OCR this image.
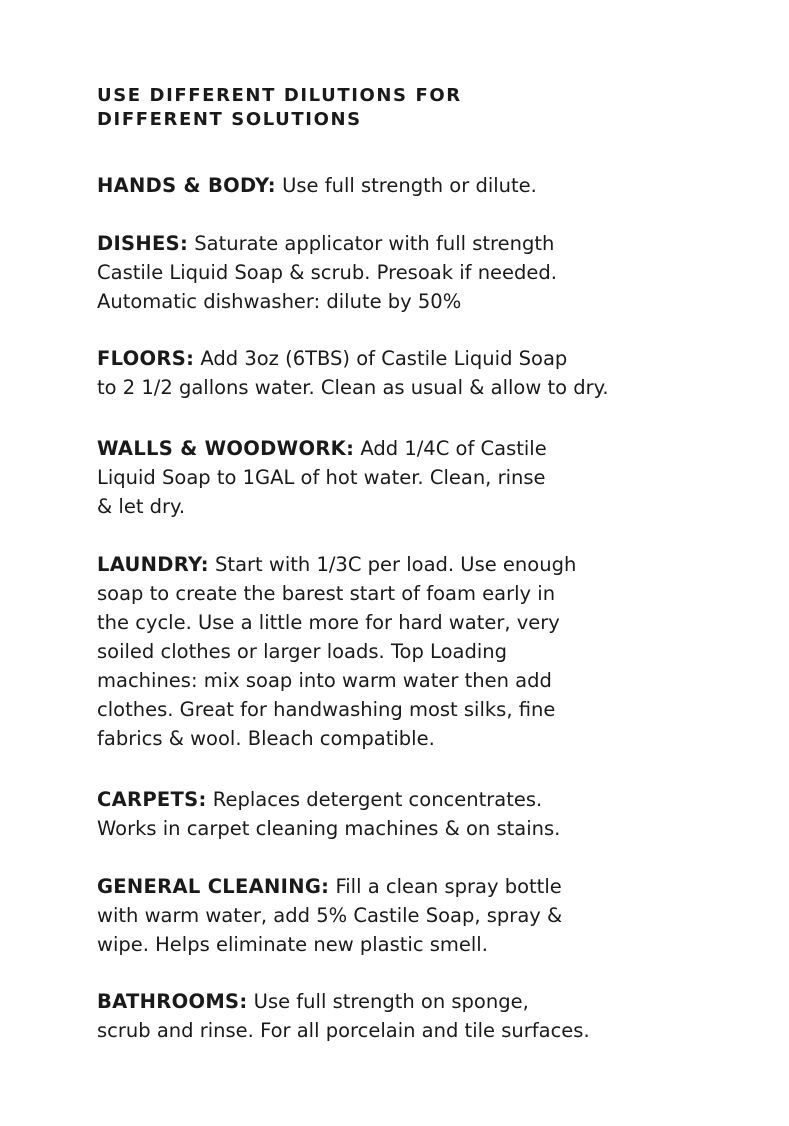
USE DIFFERENT DILUTIONS FOR
DIFFERENT SOLUTIONS
HANDS & BODY: Use full strength or dilute.
DISHES: Saturate applicator with full strength
Castile Liquid Soap & scrub. Presoak if needed.
Automatic dishwasher: dilute by 50%
FLOORS: Add 3oz (6TBS) of Castile Liquid Soap
to 2 1/2 gallons water. Clean as usual & allow to dry.
WALLS & WOODWORK: Add 1/4C of Castile
Liquid Soap to 1GAL of hot water. Clean, rinse
& let dry.
LAUNDRY: Start with 1/3C per load. Use enough
soap to create the barest start of foam early in
the cycle. Use a little more for hard water, very
soiled clothes or larger loads. Top Loading
machines: mix soap into warm water then add
clothes. Great for handwashing most silks, fine
fabrics & wool. Bleach compatible.
CARPETS: Replaces detergent concentrates.
Works in carpet cleaning machines & on stains.
GENERAL CLEANING: Fill a clean spray bottle
with warm water, add 5% Castile Soap, spray &
wipe. Helps eliminate new plastic smell.
BATHROOMS: Use full strength on sponge,
scrub and rinse. For all porcelain and tile surfaces.
